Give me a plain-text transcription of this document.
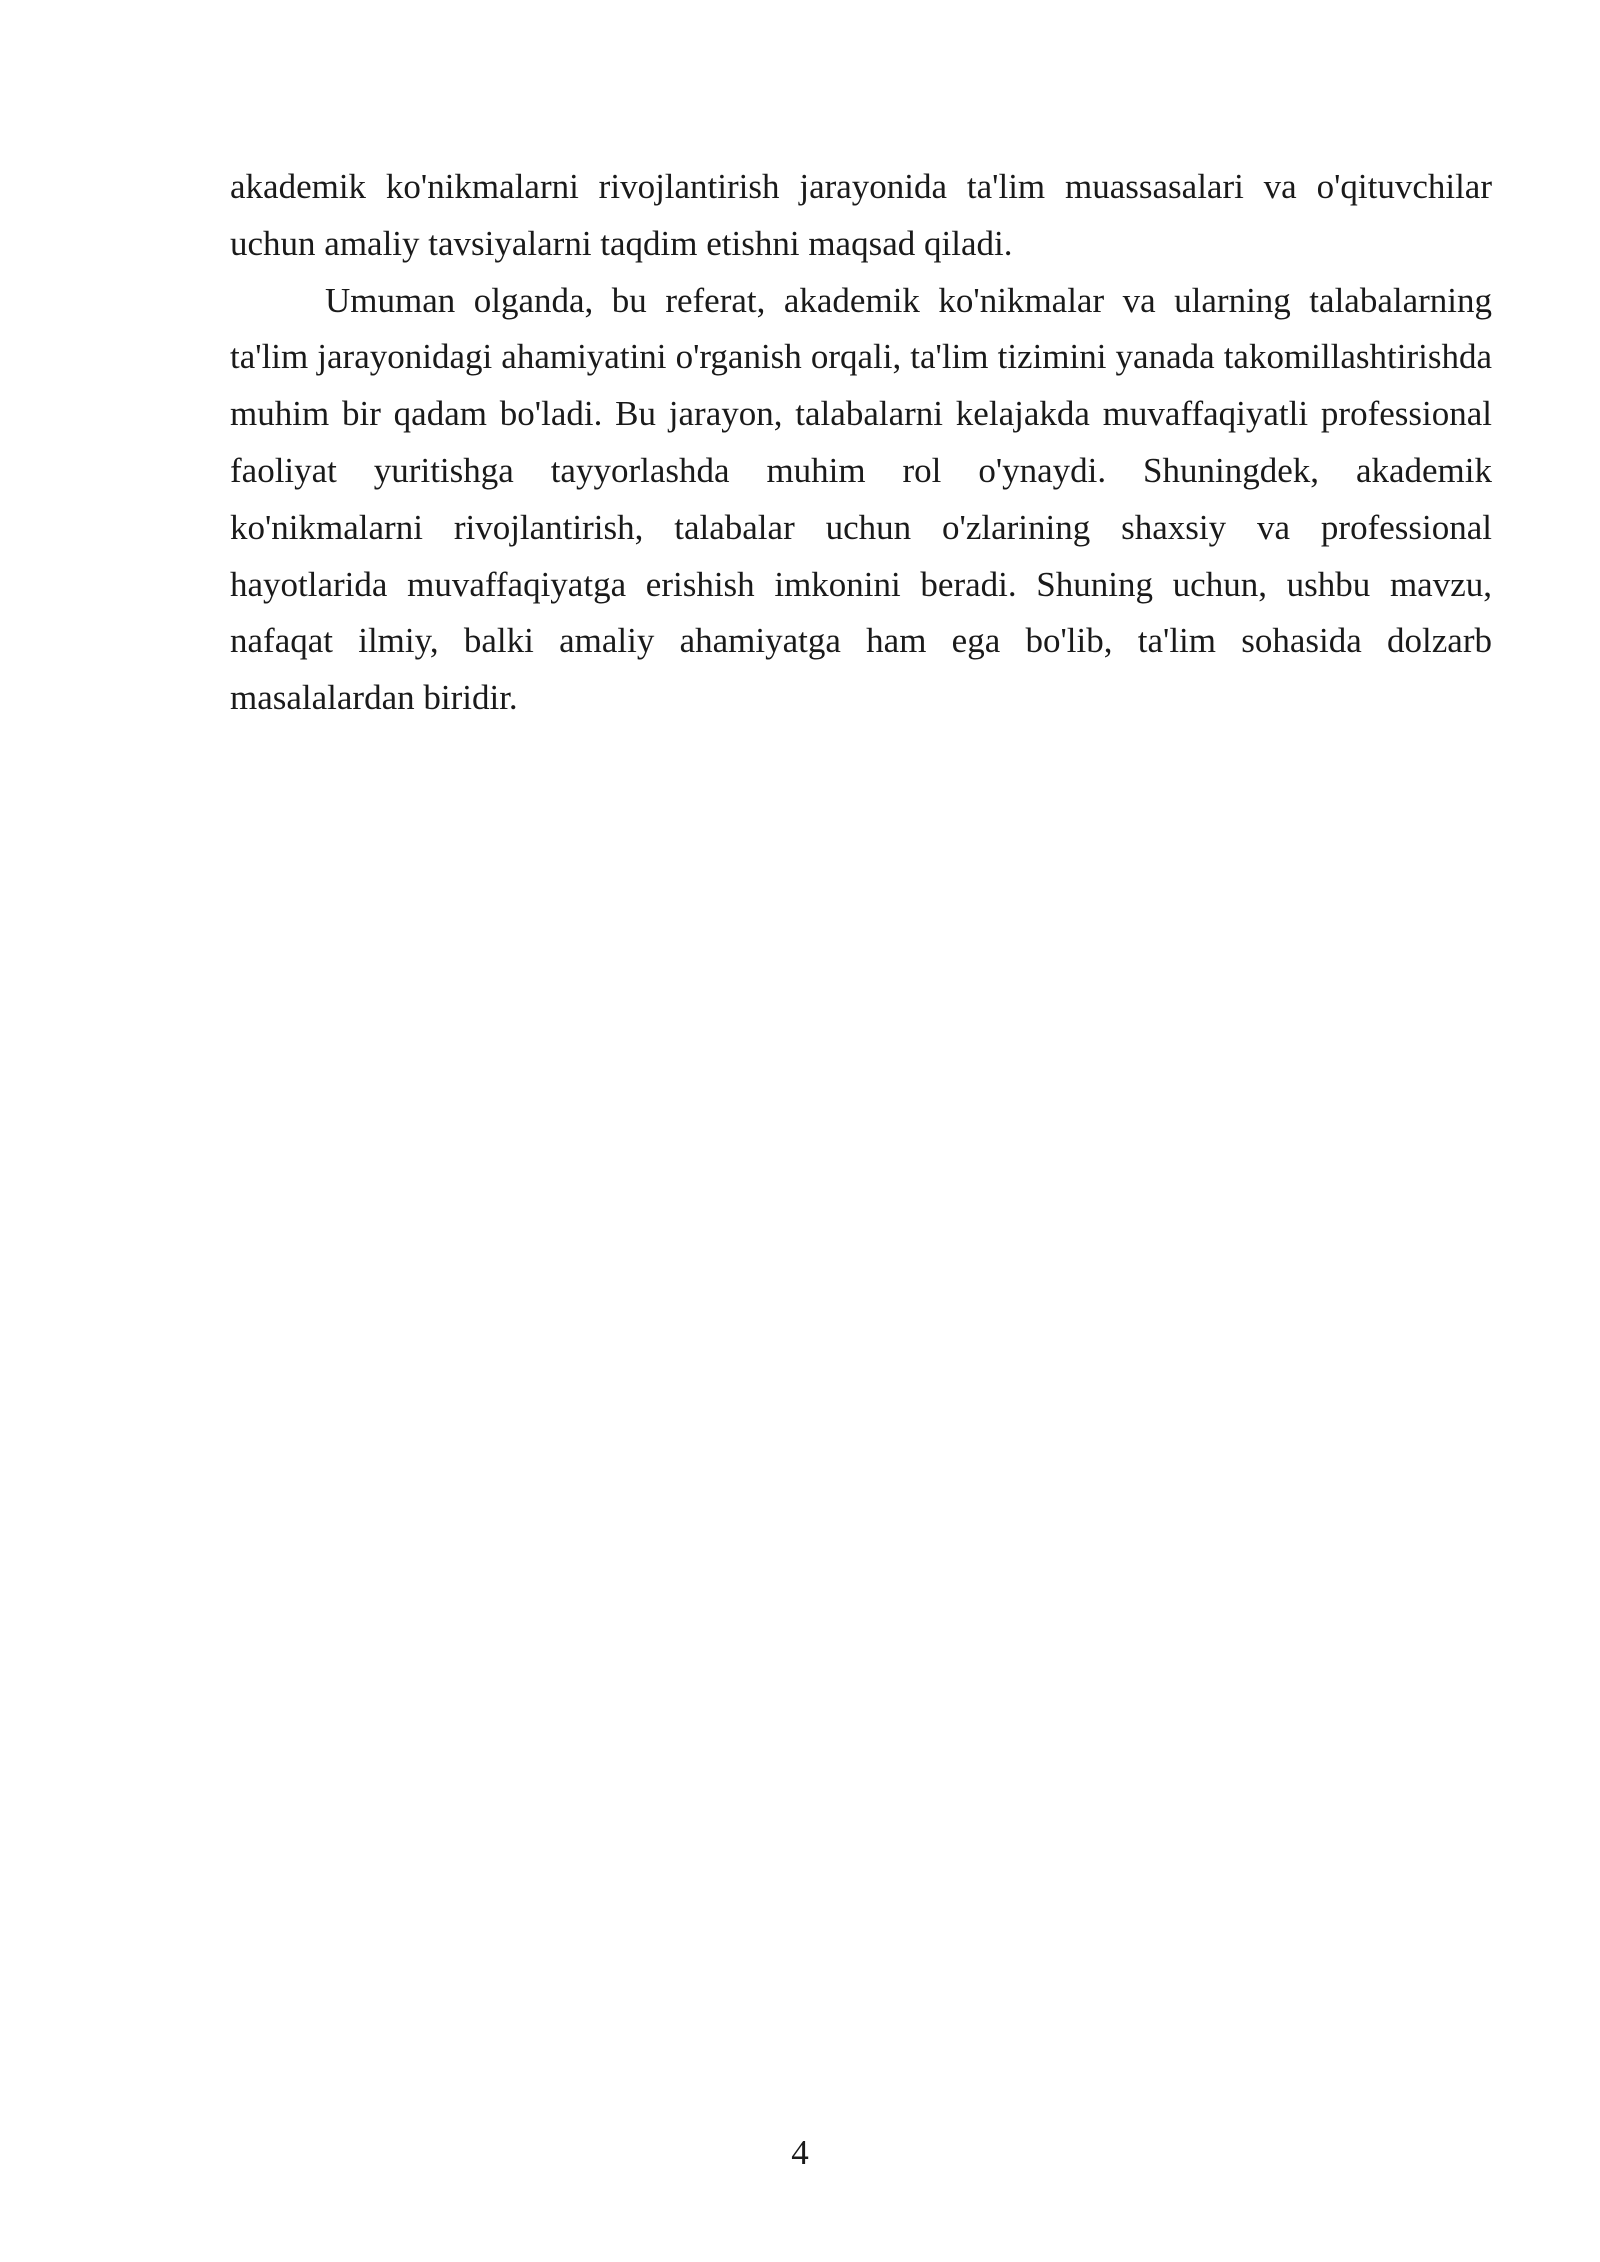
akademik ko'nikmalarni rivojlantirish jarayonida ta'lim muassasalari va o'qituvchilar uchun amaliy tavsiyalarni taqdim etishni maqsad qiladi.

Umuman olganda, bu referat, akademik ko'nikmalar va ularning talabalarning ta'lim jarayonidagi ahamiyatini o'rganish orqali, ta'lim tizimini yanada takomillashtirishda muhim bir qadam bo'ladi. Bu jarayon, talabalarni kelajakda muvaffaqiyatli professional faoliyat yuritishga tayyorlashda muhim rol o'ynaydi. Shuningdek, akademik ko'nikmalarni rivojlantirish, talabalar uchun o'zlarining shaxsiy va professional hayotlarida muvaffaqiyatga erishish imkonini beradi. Shuning uchun, ushbu mavzu, nafaqat ilmiy, balki amaliy ahamiyatga ham ega bo'lib, ta'lim sohasida dolzarb masalalardan biridir.

4
